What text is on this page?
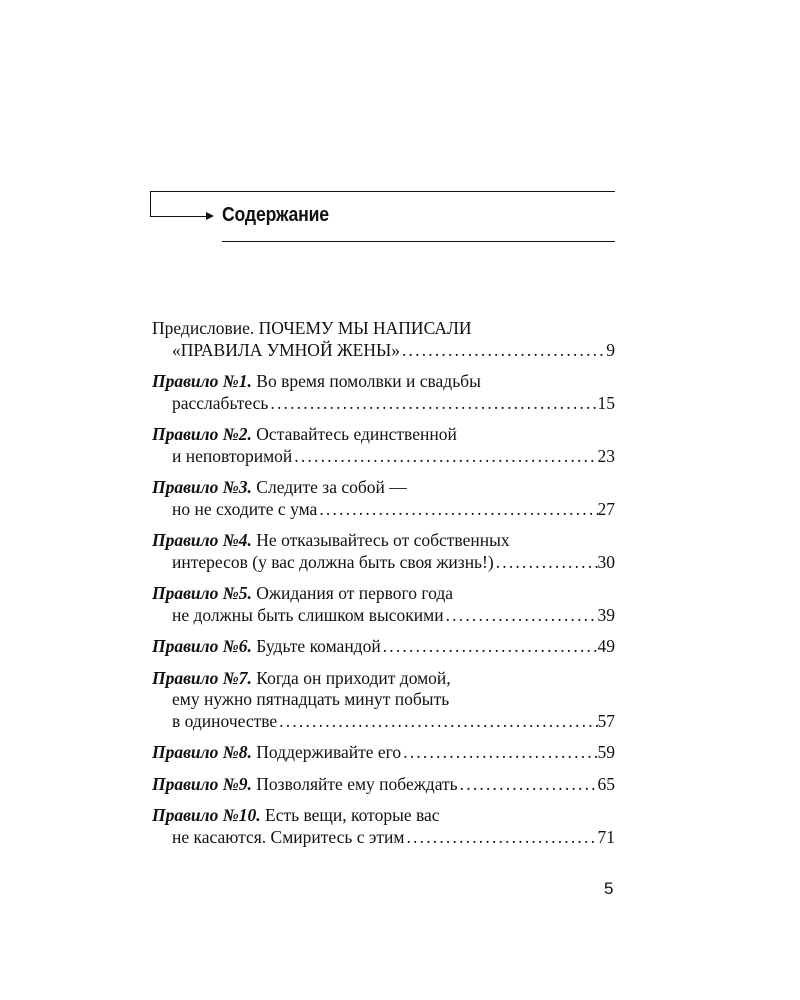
Содержание
Предисловие. ПОЧЕМУ МЫ НАПИСАЛИ
«ПРАВИЛА УМНОЙ ЖЕНЫ» .....	9
Правило №1. Во время помолвки и свадьбы
расслабьтесь .....	15
Правило №2. Оставайтесь единственной
и неповторимой .....	23
Правило №3. Следите за собой —
но не сходите с ума .....	27
Правило №4. Не отказывайтесь от собственных
интересов (у вас должна быть своя жизнь!) .....	30
Правило №5. Ожидания от первого года
не должны быть слишком высокими .....	39
Правило №6. Будьте командой .....	49
Правило №7. Когда он приходит домой,
ему нужно пятнадцать минут побыть
в одиночестве .....	57
Правило №8. Поддерживайте его .....	59
Правило №9. Позволяйте ему побеждать .....	65
Правило №10. Есть вещи, которые вас
не касаются. Смиритесь с этим .....	71
5
